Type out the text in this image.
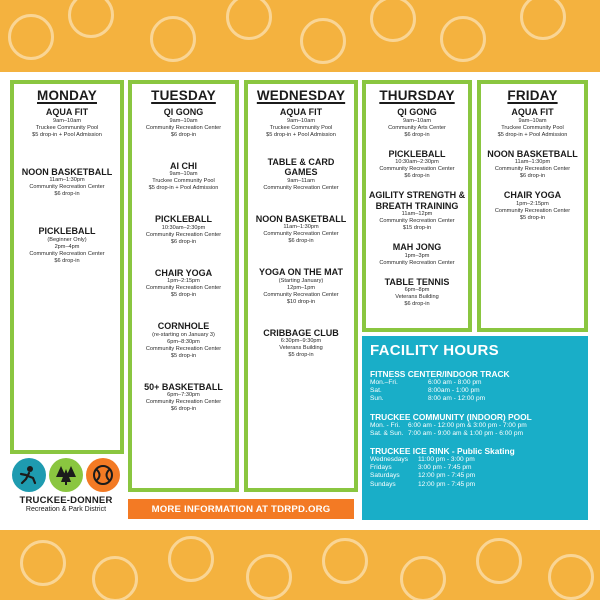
MONDAY
AQUA FIT
9am–10am
Truckee Community Pool
$5 drop-in + Pool Admission
NOON BASKETBALL
11am–1:30pm
Community Recreation Center
$6 drop-in
PICKLEBALL
(Beginner Only)
2pm–4pm
Community Recreation Center
$6 drop-in
TUESDAY
QI GONG
9am–10am
Community Recreation Center
$6 drop-in
AI CHI
9am–10am
Truckee Community Pool
$5 drop-in + Pool Admission
PICKLEBALL
10:30am–2:30pm
Community Recreation Center
$6 drop-in
CHAIR YOGA
1pm–2:15pm
Community Recreation Center
$5 drop-in
CORNHOLE
(re-starting on January 3)
6pm–8:30pm
Community Recreation Center
$5 drop-in
50+ BASKETBALL
6pm–7:30pm
Community Recreation Center
$6 drop-in
WEDNESDAY
AQUA FIT
9am–10am
Truckee Community Pool
$5 drop-in + Pool Admission
TABLE & CARD GAMES
9am–11am
Community Recreation Center
NOON BASKETBALL
11am–1:30pm
Community Recreation Center
$6 drop-in
YOGA ON THE MAT
(Starting January)
12pm–1pm
Community Recreation Center
$10 drop-in
CRIBBAGE CLUB
6:30pm–9:30pm
Veterans Building
$5 drop-in
THURSDAY
QI GONG
9am–10am
Community Arts Center
$6 drop-in
PICKLEBALL
10:30am–2:30pm
Community Recreation Center
$6 drop-in
AGILITY STRENGTH & BREATH TRAINING
11am–12pm
Community Recreation Center
$15 drop-in
MAH JONG
1pm–3pm
Community Recreation Center
TABLE TENNIS
6pm–8pm
Veterans Building
$6 drop-in
FRIDAY
AQUA FIT
9am–10am
Truckee Community Pool
$5 drop-in + Pool Admission
NOON BASKETBALL
11am–1:30pm
Community Recreation Center
$6 drop-in
CHAIR YOGA
1pm–2:15pm
Community Recreation Center
$5 drop-in
FACILITY HOURS
FITNESS CENTER/INDOOR TRACK
Mon.–Fri.	6:00 am - 8:00 pm
Sat.	8:00am - 1:00 pm
Sun.	8:00 am - 12:00 pm
TRUCKEE COMMUNITY (INDOOR) POOL
Mon. - Fri.	6:00 am - 12:00 pm & 3:00 pm - 7:00 pm
Sat. & Sun. 7:00 am - 9:00 am & 1:00 pm - 6:00 pm
TRUCKEE ICE RINK - Public Skating
Wednesdays	11:00 pm - 3:00 pm
Fridays	3:00 pm - 7:45 pm
Saturdays	12:00 pm - 7:45 pm
Sundays	12:00 pm - 7:45 pm
MORE INFORMATION AT TDRPD.ORG
TRUCKEE-DONNER
Recreation & Park District
